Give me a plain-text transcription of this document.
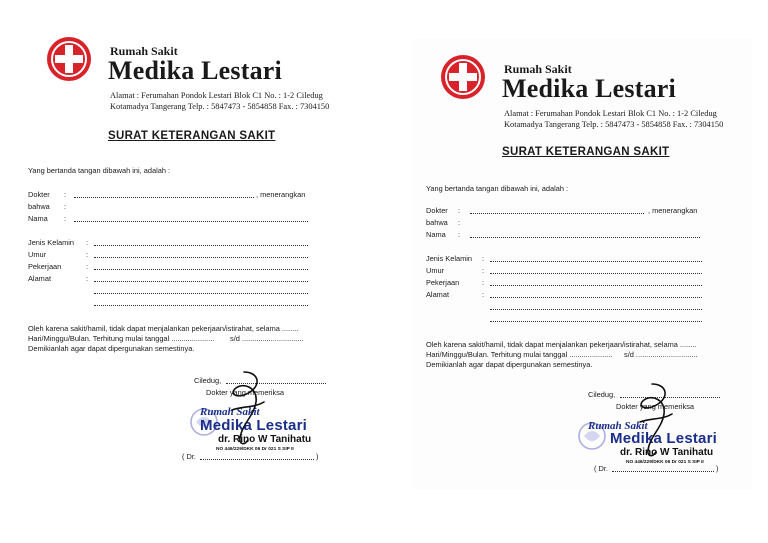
Rumah Sakit
Medika Lestari
Alamat : Ferumahan Pondok Lestari Blok C1 No. : 1-2 Ciledug
Kotamadya Tangerang Telp. : 5847473 - 5854858 Fax. : 7304150
SURAT KETERANGAN SAKIT
Yang bertanda tangan dibawah ini, adalah :
Dokter :	, menerangkan
bahwa :
Nama :
Jenis Kelamin :
Umur	:
Pekerjaan	:
Alamat	:
Oleh karena sakit/hamil, tidak dapat menjalankan pekerjaan/istirahat, selama ........
Hari/Minggu/Bulan. Terhitung mulai tanggal ..................... s/d ..............................
Demikianlah agar dapat dipergunakan semestinya.
Ciledug,
Dokter yang memeriksa
Rumah Sakit
Medika Lestari
dr. Rino W Tanihatu
NO 446/229/DKK 06 Dr 021 S SIP II
( Dr.	)
Rumah Sakit
Medika Lestari
Alamat : Ferumahan Pondok Lestari Blok C1 No. : 1-2 Ciledug
Kotamadya Tangerang Telp. : 5847473 - 5854858 Fax. : 7304150
SURAT KETERANGAN SAKIT
Yang bertanda tangan dibawah ini, adalah :
Dokter :	, menerangkan
bahwa :
Nama :
Jenis Kelamin :
Umur	:
Pekerjaan	:
Alamat	:
Oleh karena sakit/hamil, tidak dapat menjalankan pekerjaan/istirahat, selama ........
Hari/Minggu/Bulan. Terhitung mulai tanggal ..................... s/d ..............................
Demikianlah agar dapat dipergunakan semestinya.
Ciledug,
Dokter yang memeriksa
Rumah Sakit
Medika Lestari
dr. Rino W Tanihatu
NO 446/229/DKK 06 Dr 021 S SIP II
( Dr.	)
